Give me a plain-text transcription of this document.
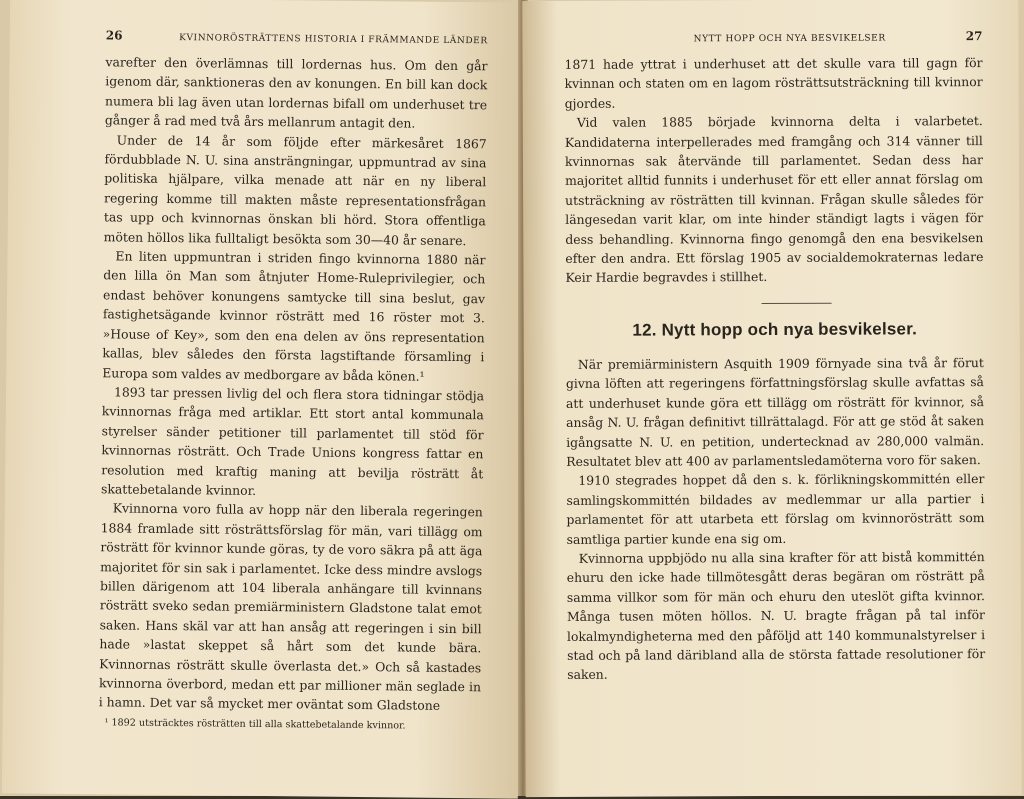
26	KVINNORÖSTRÄTTENS HISTORIA I FRÄMMANDE LÄNDER

varefter den överlämnas till lordernas hus. Om den går igenom där, sanktioneras den av konungen. En bill kan dock numera bli lag även utan lordernas bifall om underhuset tre gånger å rad med två års mellanrum antagit den.

Under de 14 år som följde efter märkesåret 1867 fördubblade N. U. sina ansträngningar, uppmuntrad av sina politiska hjälpare, vilka menade att när en ny liberal regering komme till makten måste representationsfrågan tas upp och kvinnornas önskan bli hörd. Stora offentliga möten höllos lika fulltaligt besökta som 30—40 år senare.

En liten uppmuntran i striden fingo kvinnorna 1880 när den lilla ön Man som åtnjuter Home-Ruleprivilegier, och endast behöver konungens samtycke till sina beslut, gav fastighetsägande kvinnor rösträtt med 16 röster mot 3. »House of Key», som den ena delen av öns representation kallas, blev således den första lagstiftande församling i Europa som valdes av medborgare av båda könen.¹

1893 tar pressen livlig del och flera stora tidningar stödja kvinnornas fråga med artiklar. Ett stort antal kommunala styrelser sänder petitioner till parlamentet till stöd för kvinnornas rösträtt. Och Trade Unions kongress fattar en resolution med kraftig maning att bevilja rösträtt åt skattebetalande kvinnor.

Kvinnorna voro fulla av hopp när den liberala regeringen 1884 framlade sitt rösträttsförslag för män, vari tillägg om rösträtt för kvinnor kunde göras, ty de voro säkra på att äga majoritet för sin sak i parlamentet. Icke dess mindre avslogs billen därigenom att 104 liberala anhängare till kvinnans rösträtt sveko sedan premiärministern Gladstone talat emot saken. Hans skäl var att han ansåg att regeringen i sin bill hade »lastat skeppet så hårt som det kunde bära. Kvinnornas rösträtt skulle överlasta det.» Och så kastades kvinnorna överbord, medan ett par millioner män seglade in i hamn. Det var så mycket mer oväntat som Gladstone

¹ 1892 utsträcktes rösträtten till alla skattebetalande kvinnor.
NYTT HOPP OCH NYA BESVIKELSER	27

1871 hade yttrat i underhuset att det skulle vara till gagn för kvinnan och staten om en lagom rösträttsutsträckning till kvinnor gjordes.

Vid valen 1885 började kvinnorna delta i valarbetet. Kandidaterna interpellerades med framgång och 314 vänner till kvinnornas sak återvände till parlamentet. Sedan dess har majoritet alltid funnits i underhuset för ett eller annat förslag om utsträckning av rösträtten till kvinnan. Frågan skulle således för längesedan varit klar, om inte hinder ständigt lagts i vägen för dess behandling. Kvinnorna fingo genomgå den ena besvikelsen efter den andra. Ett förslag 1905 av socialdemokraternas ledare Keir Hardie begravdes i stillhet.

12. Nytt hopp och nya besvikelser.

När premiärministern Asquith 1909 förnyade sina två år förut givna löften att regeringens författningsförslag skulle avfattas så att underhuset kunde göra ett tillägg om rösträtt för kvinnor, så ansåg N. U. frågan definitivt tillrättalagd. För att ge stöd åt saken igångsatte N. U. en petition, undertecknad av 280,000 valmän. Resultatet blev att 400 av parlamentsledamöterna voro för saken.

1910 stegrades hoppet då den s. k. förlikningskommittén eller samlingskommittén bildades av medlemmar ur alla partier i parlamentet för att utarbeta ett förslag om kvinnorösträtt som samtliga partier kunde ena sig om.

Kvinnorna uppbjödo nu alla sina krafter för att bistå kommittén ehuru den icke hade tillmötesgått deras begäran om rösträtt på samma villkor som för män och ehuru den uteslöt gifta kvinnor. Många tusen möten höllos. N. U. bragte frågan på tal inför lokalmyndigheterna med den påföljd att 140 kommunalstyrelser i stad och på land däribland alla de största fattade resolutioner för saken.
